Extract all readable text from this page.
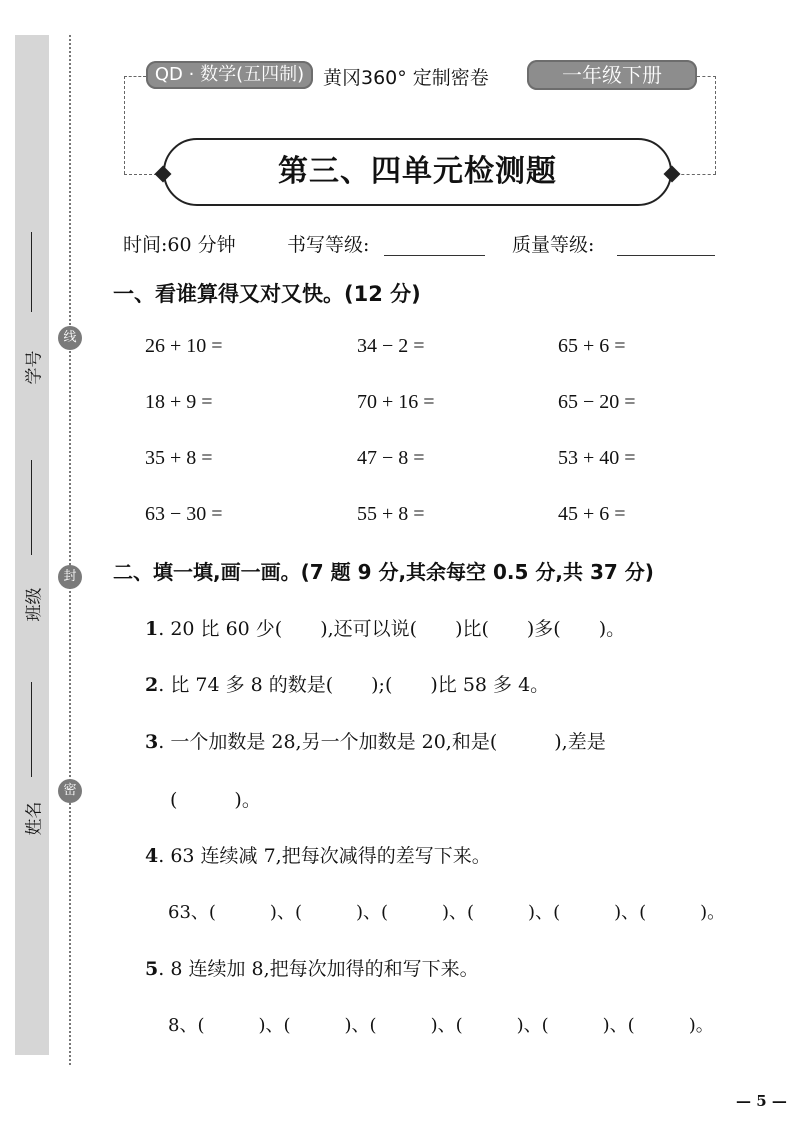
学号
班级
姓名
线
封
密
QD · 数学(五四制) 黄冈360° 定制密卷	一年级下册
第三、四单元检测题
时间:60 分钟	书写等级:	质量等级:
一、看谁算得又对又快。(12 分)
26 + 10 =	34 − 2 =	65 + 6 =
18 + 9 =	70 + 16 =	65 − 20 =
35 + 8 =	47 − 8 =	53 + 40 =
63 − 30 =	55 + 8 =	45 + 6 =
二、填一填,画一画。(7 题 9 分,其余每空 0.5 分,共 37 分)
1. 20 比 60 少(　　),还可以说(　　)比(　　)多(　　)。
2. 比 74 多 8 的数是(　　);(　　)比 58 多 4。
3. 一个加数是 28,另一个加数是 20,和是(　　　),差是
(　　　)。
4. 63 连续减 7,把每次减得的差写下来。
63、(　　　)、(　　　)、(　　　)、(　　　)、(　　　)、(　　　)。
5. 8 连续加 8,把每次加得的和写下来。
8、(　　　)、(　　　)、(　　　)、(　　　)、(　　　)、(　　　)。
— 5 —
